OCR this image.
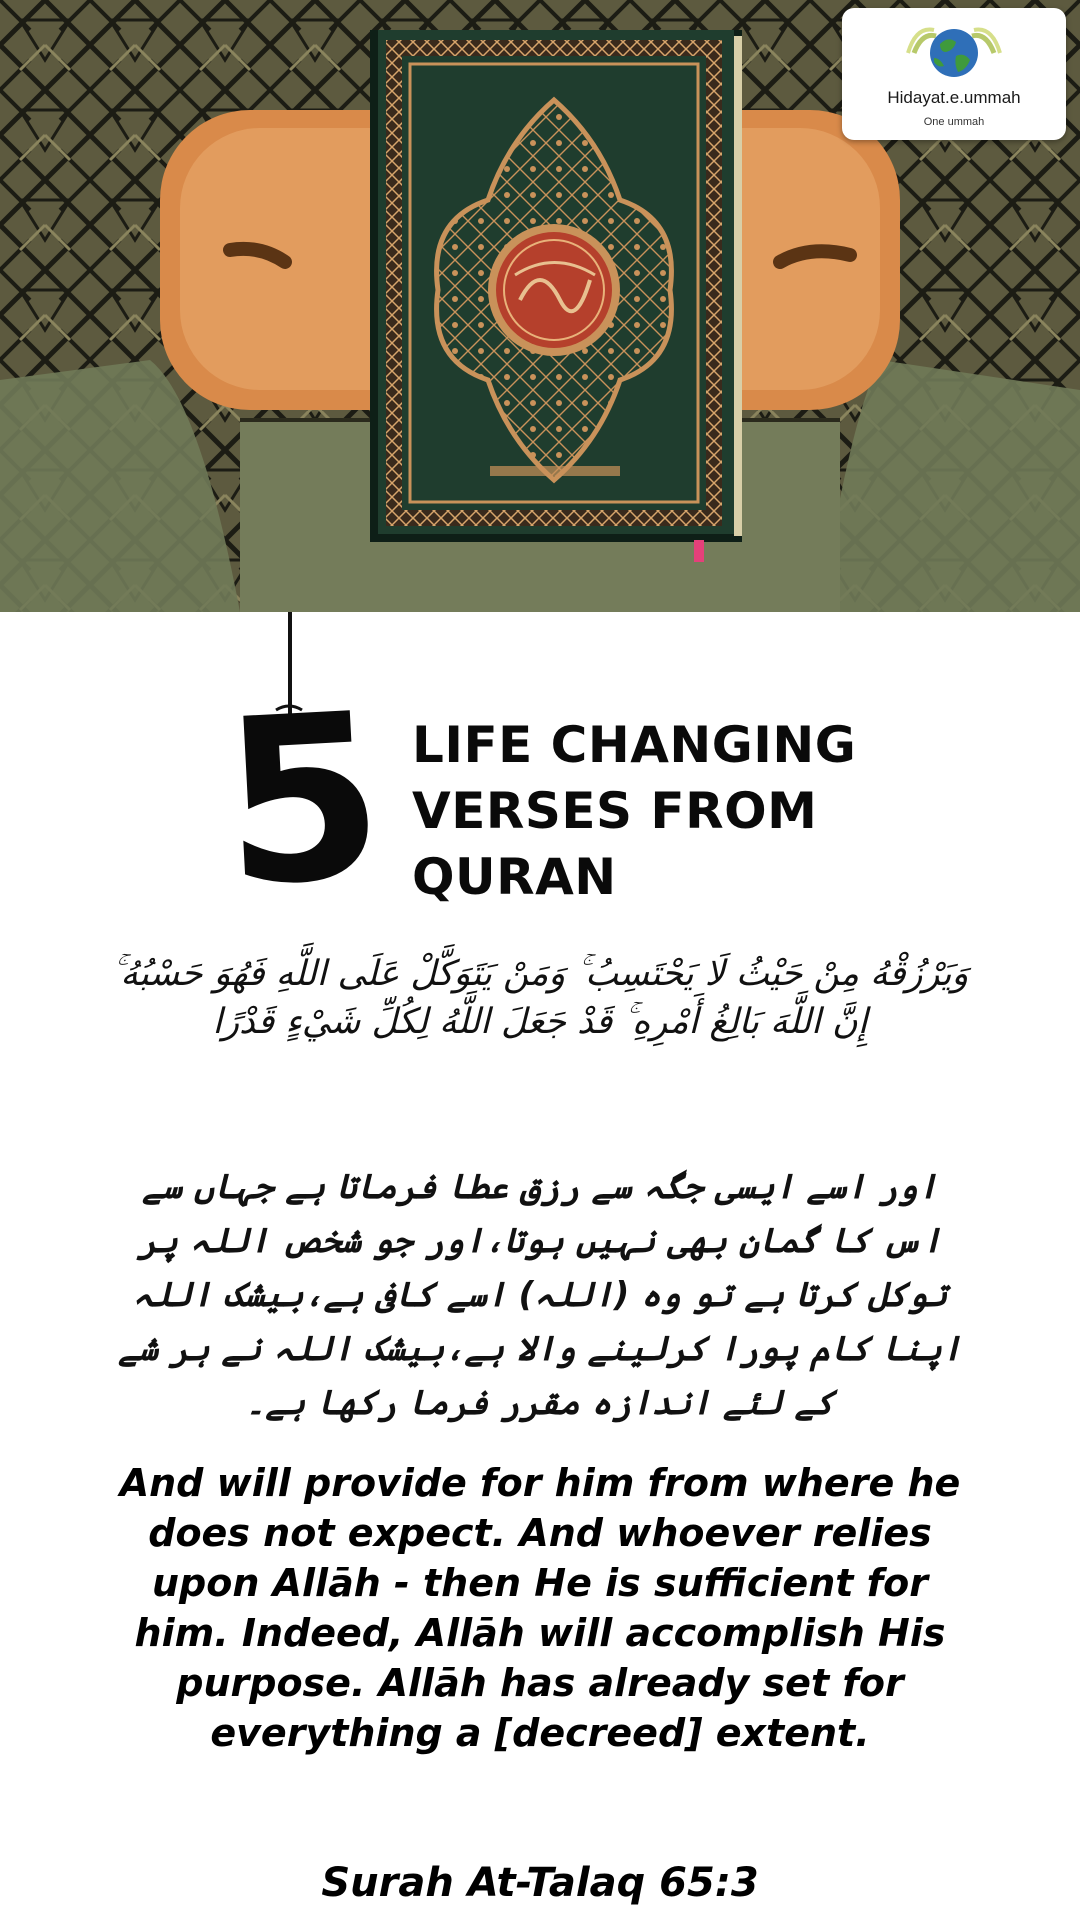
Hidayat.e.ummah
One ummah
5 LIFE CHANGING
VERSES FROM
QURAN
وَيَرْزُقْهُ مِنْ حَيْثُ لَا يَحْتَسِبُ ۚ وَمَنْ يَتَوَكَّلْ عَلَى اللَّهِ فَهُوَ حَسْبُهُ ۚ إِنَّ اللَّهَ بَالِغُ أَمْرِهِ ۚ قَدْ جَعَلَ اللَّهُ لِكُلِّ شَيْءٍ قَدْرًا
اور اسے ایسی جگہ سے رزق عطا فرماتا ہے جہاں سے اس کا گمان بھی نہیں ہوتا،اور جو شخص اللہ پر توکل کرتا ہے تو وہ (اللہ) اسے کافی ہے،بیشک اللہ اپنا کام پورا کرلینے والا ہے،بیشک اللہ نے ہر شے کے لئے اندازہ مقرر فرما رکھا ہے۔
And will provide for him from where he does not expect. And whoever relies upon Allāh - then He is sufficient for him. Indeed, Allāh will accomplish His purpose. Allāh has already set for everything a [decreed] extent.
Surah At-Talaq 65:3
